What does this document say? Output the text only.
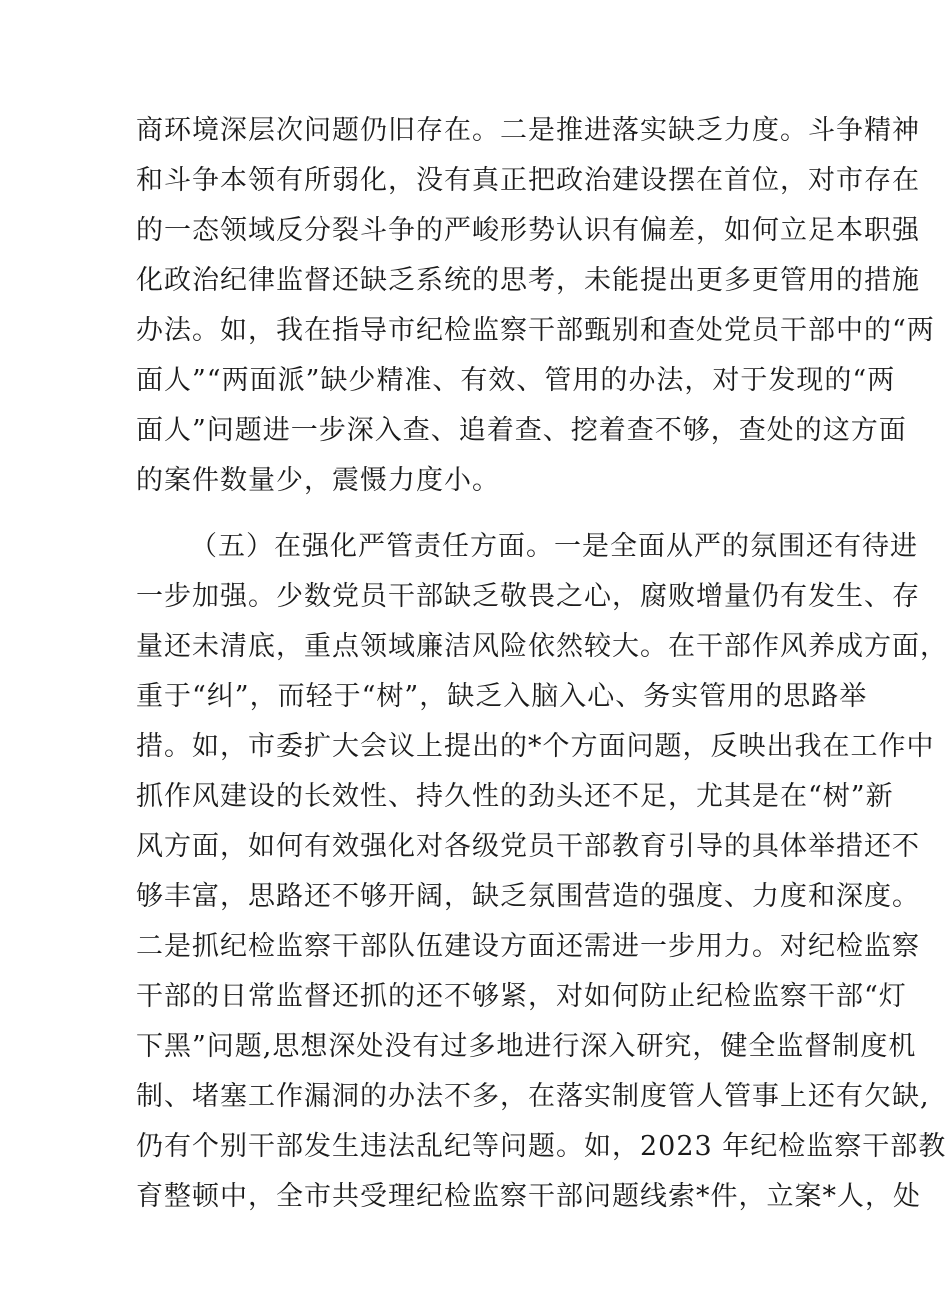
商环境深层次问题仍旧存在。二是推进落实缺乏力度。斗争精神
和斗争本领有所弱化，没有真正把政治建设摆在首位，对市存在
的一态领域反分裂斗争的严峻形势认识有偏差，如何立足本职强
化政治纪律监督还缺乏系统的思考，未能提出更多更管用的措施
办法。如，我在指导市纪检监察干部甄别和查处党员干部中的“两
面人”“两面派”缺少精准、有效、管用的办法，对于发现的“两
面人”问题进一步深入查、追着查、挖着查不够，查处的这方面
的案件数量少，震慑力度小。
（五）在强化严管责任方面。一是全面从严的氛围还有待进
一步加强。少数党员干部缺乏敬畏之心，腐败增量仍有发生、存
量还未清底，重点领域廉洁风险依然较大。在干部作风养成方面，
重于“纠”，而轻于“树”，缺乏入脑入心、务实管用的思路举
措。如，市委扩大会议上提出的*个方面问题，反映出我在工作中
抓作风建设的长效性、持久性的劲头还不足，尤其是在“树”新
风方面，如何有效强化对各级党员干部教育引导的具体举措还不
够丰富，思路还不够开阔，缺乏氛围营造的强度、力度和深度。
二是抓纪检监察干部队伍建设方面还需进一步用力。对纪检监察
干部的日常监督还抓的还不够紧，对如何防止纪检监察干部“灯
下黑”问题,思想深处没有过多地进行深入研究，健全监督制度机
制、堵塞工作漏洞的办法不多，在落实制度管人管事上还有欠缺,
仍有个别干部发生违法乱纪等问题。如，2023 年纪检监察干部教
育整顿中，全市共受理纪检监察干部问题线索*件，立案*人，处
